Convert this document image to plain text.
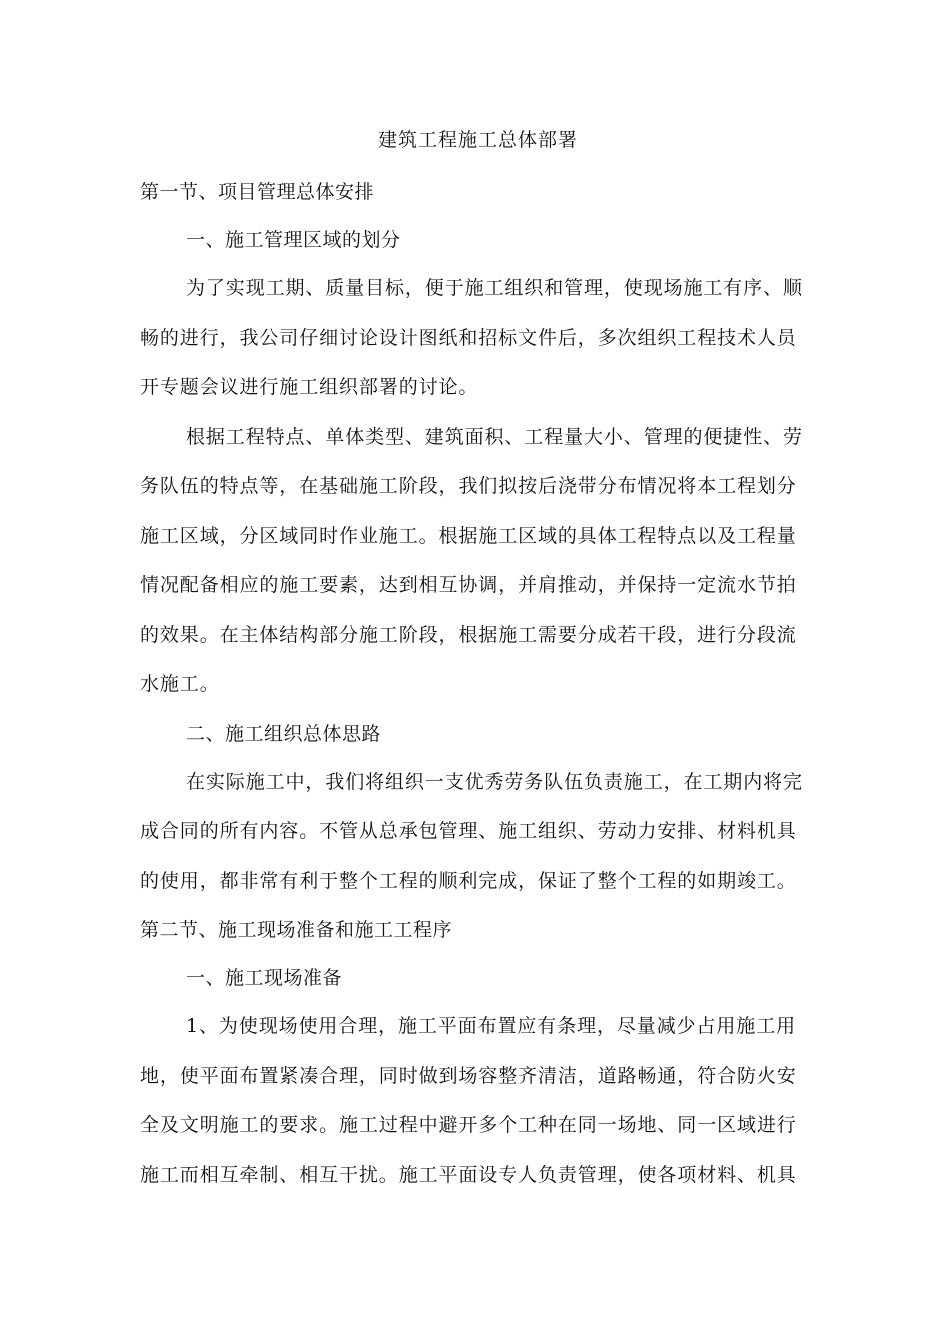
建筑工程施工总体部署
第一节、项目管理总体安排
一、施工管理区域的划分
为了实现工期、质量目标，便于施工组织和管理，使现场施工有序、顺
畅的进行，我公司仔细讨论设计图纸和招标文件后，多次组织工程技术人员
开专题会议进行施工组织部署的讨论。
根据工程特点、单体类型、建筑面积、工程量大小、管理的便捷性、劳
务队伍的特点等，在基础施工阶段，我们拟按后浇带分布情况将本工程划分
施工区域，分区域同时作业施工。根据施工区域的具体工程特点以及工程量
情况配备相应的施工要素，达到相互协调，并肩推动，并保持一定流水节拍
的效果。在主体结构部分施工阶段，根据施工需要分成若干段，进行分段流
水施工。
二、施工组织总体思路
在实际施工中，我们将组织一支优秀劳务队伍负责施工，在工期内将完
成合同的所有内容。不管从总承包管理、施工组织、劳动力安排、材料机具
的使用，都非常有利于整个工程的顺利完成，保证了整个工程的如期竣工。
第二节、施工现场准备和施工工程序
一、施工现场准备
1、为使现场使用合理，施工平面布置应有条理，尽量减少占用施工用
地，使平面布置紧凑合理，同时做到场容整齐清洁，道路畅通，符合防火安
全及文明施工的要求。施工过程中避开多个工种在同一场地、同一区域进行
施工而相互牵制、相互干扰。施工平面设专人负责管理，使各项材料、机具
